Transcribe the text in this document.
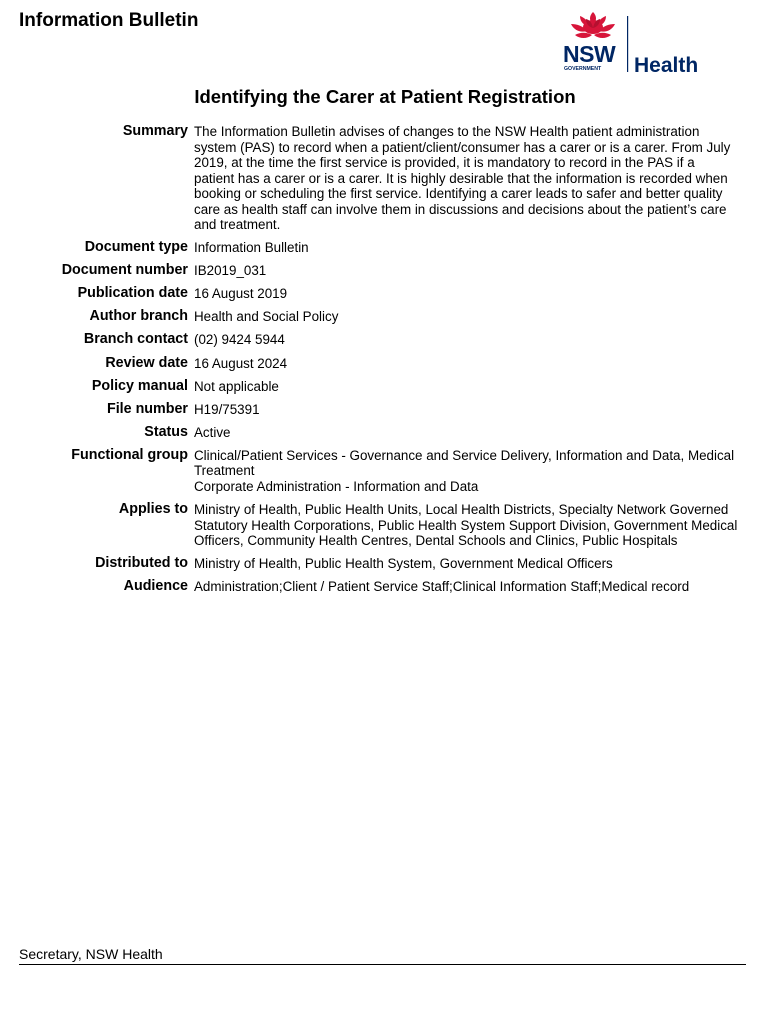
Information Bulletin
NSW
GOVERNMENT Health
Identifying the Carer at Patient Registration
Summary	The Information Bulletin advises of changes to the NSW Health patient administration system (PAS) to record when a patient/client/consumer has a carer or is a carer. From July 2019, at the time the first service is provided, it is mandatory to record in the PAS if a patient has a carer or is a carer. It is highly desirable that the information is recorded when booking or scheduling the first service. Identifying a carer leads to safer and better quality care as health staff can involve them in discussions and decisions about the patient’s care and treatment.

Document type	Information Bulletin
Document number	IB2019_031
Publication date	16 August 2019
Author branch	Health and Social Policy
Branch contact	(02) 9424 5944
Review date	16 August 2024
Policy manual	Not applicable
File number	H19/75391
Status	Active
Functional group	Clinical/Patient Services - Governance and Service Delivery, Information and Data, Medical Treatment
Corporate Administration - Information and Data

Applies to	Ministry of Health, Public Health Units, Local Health Districts, Specialty Network Governed Statutory Health Corporations, Public Health System Support Division, Government Medical Officers, Community Health Centres, Dental Schools and Clinics, Public Hospitals
Distributed to	Ministry of Health, Public Health System, Government Medical Officers
Audience	Administration;Client / Patient Service Staff;Clinical Information Staff;Medical record
Secretary, NSW Health
